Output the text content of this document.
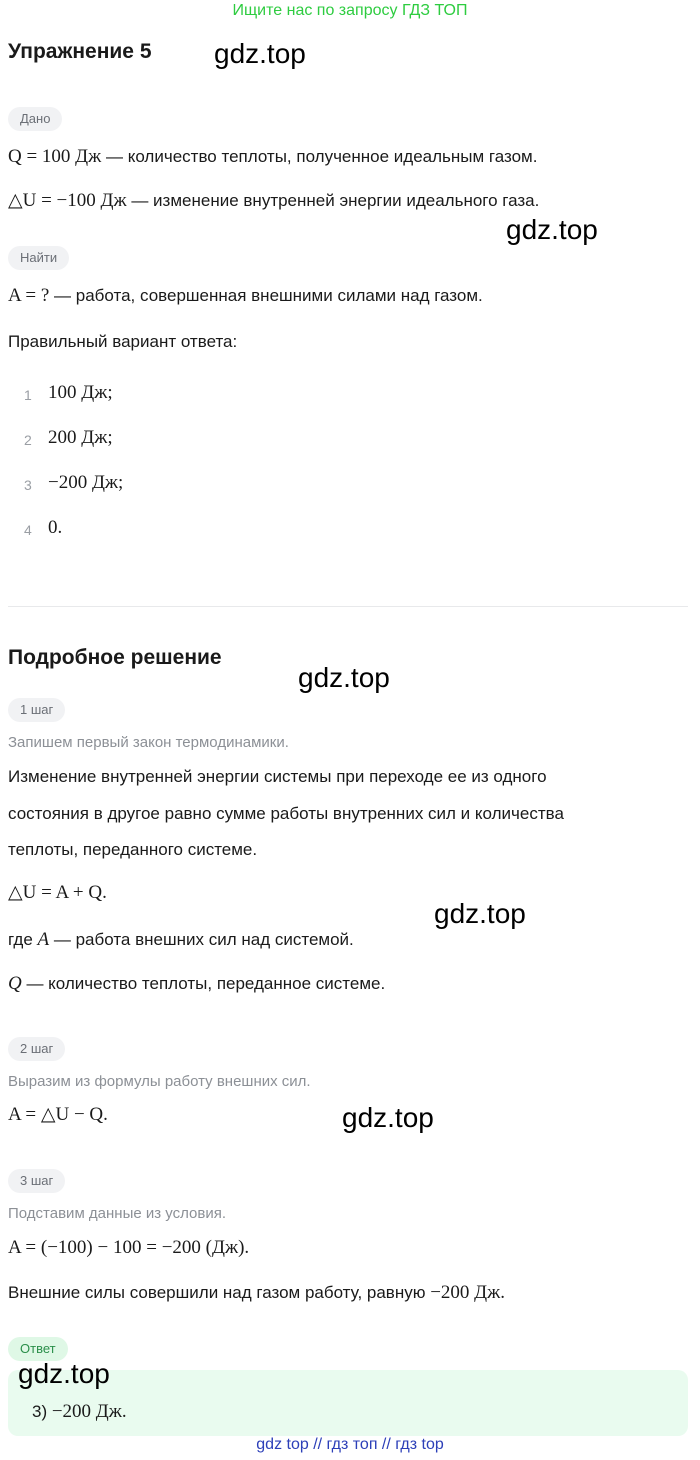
Ищите нас по запросу ГДЗ ТОП
Упражнение 5 gdz.top
Дано
Q = 100 Дж — количество теплоты, полученное идеальным газом.
△U = −100 Дж — изменение внутренней энергии идеального газа.
gdz.top
Найти
A = ? — работа, совершенная внешними силами над газом.
Правильный вариант ответа:
1 100 Дж;
2 200 Дж;
3 −200 Дж;
4 0.
Подробное решение
gdz.top
1 шаг
Запишем первый закон термодинамики.
Изменение внутренней энергии системы при переходе ее из одного
состояния в другое равно сумме работы внутренних сил и количества
теплоты, переданного системе.
△U = A + Q.
gdz.top
где A — работа внешних сил над системой.
Q — количество теплоты, переданное системе.
2 шаг
Выразим из формулы работу внешних сил.
A = △U − Q.	gdz.top
3 шаг
Подставим данные из условия.
A = (−100) − 100 = −200 (Дж).
Внешние силы совершили над газом работу, равную −200 Дж.
Ответ
gdz.top
3) −200 Дж.
gdz top // гдз топ // гдз top
